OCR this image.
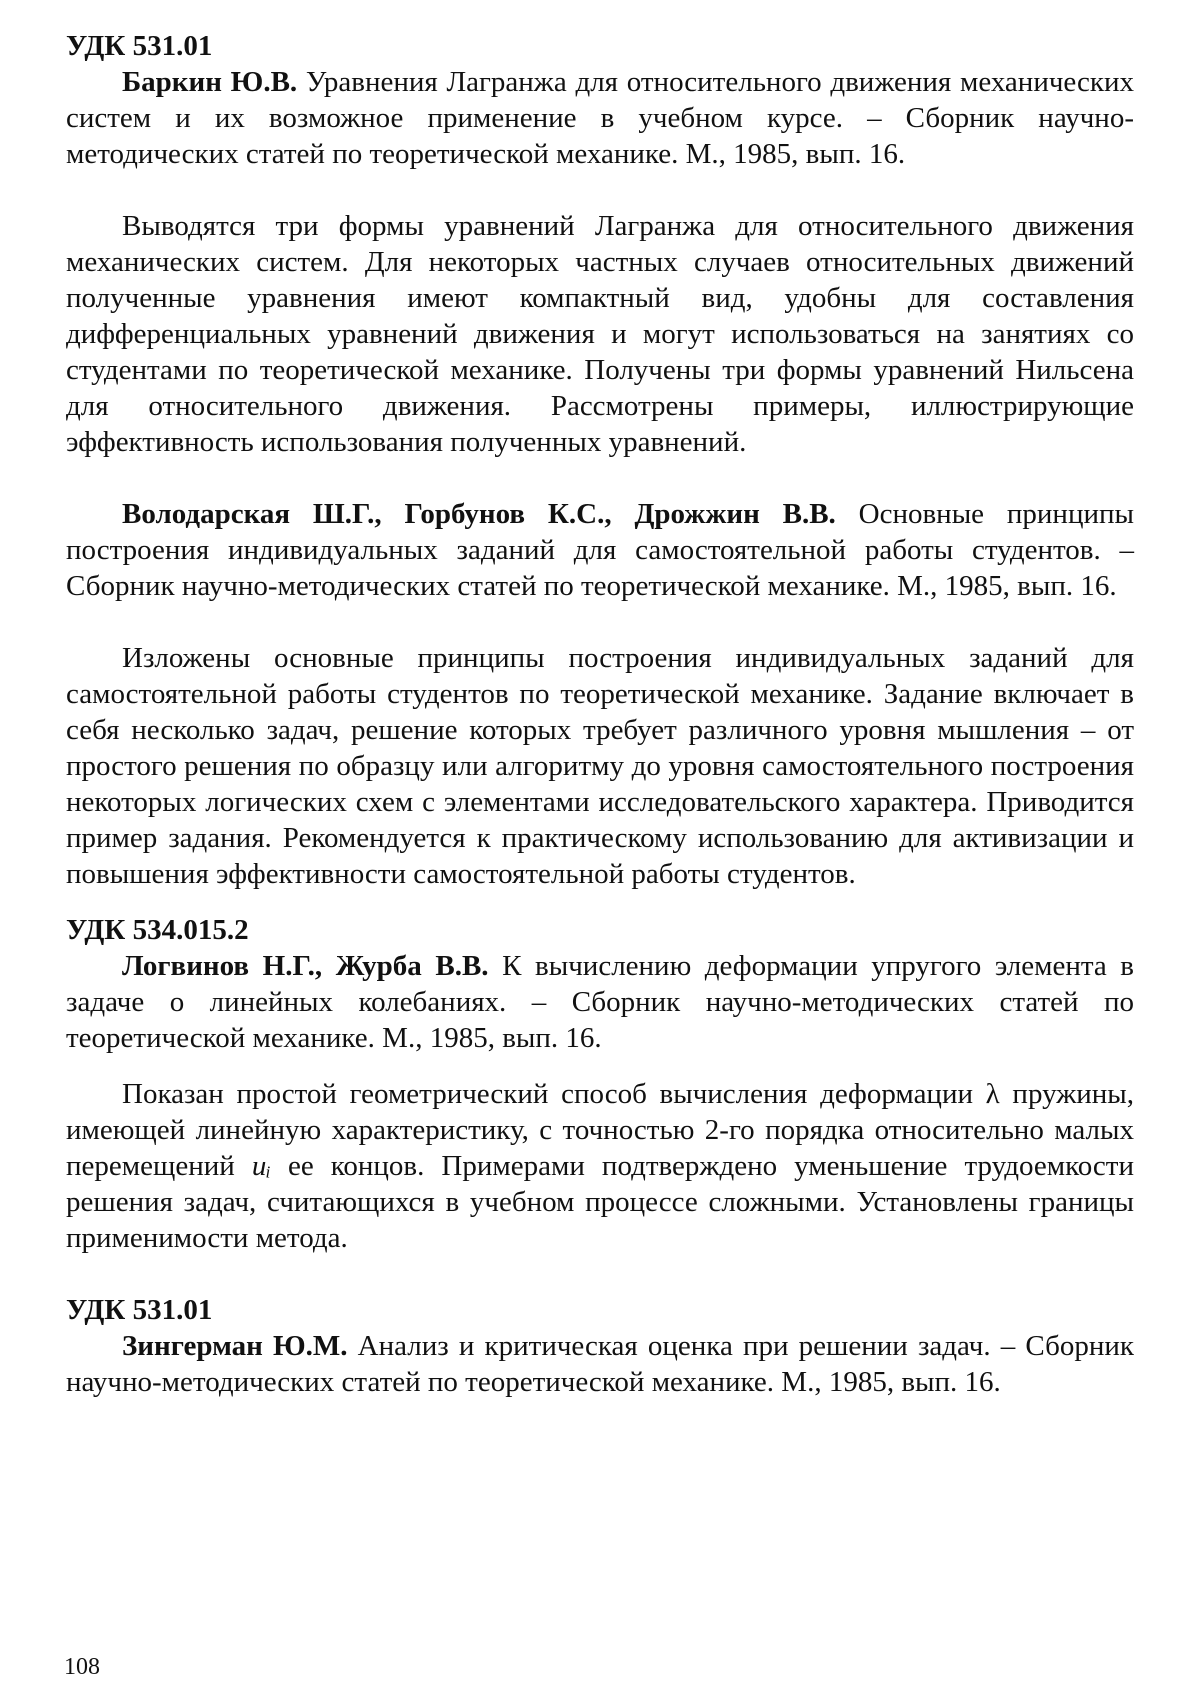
УДК 531.01

Баркин Ю.В. Уравнения Лагранжа для относительного движения механических систем и их возможное применение в учебном курсе. – Сборник научно-методических статей по теоретической механике. М., 1985, вып. 16.

Выводятся три формы уравнений Лагранжа для относительного движения механических систем. Для некоторых частных случаев относительных движений полученные уравнения имеют компактный вид, удобны для составления дифференциальных уравнений движения и могут использоваться на занятиях со студентами по теоретической механике. Получены три формы уравнений Нильсена для относительного движения. Рассмотрены примеры, иллюстрирующие эффективность использования полученных уравнений.

Володарская Ш.Г., Горбунов К.С., Дрожжин В.В. Основные принципы построения индивидуальных заданий для самостоятельной работы студентов. – Сборник научно-методических статей по теоретической механике. М., 1985, вып. 16.

Изложены основные принципы построения индивидуальных заданий для самостоятельной работы студентов по теоретической механике. Задание включает в себя несколько задач, решение которых требует различного уровня мышления – от простого решения по образцу или алгоритму до уровня самостоятельного построения некоторых логических схем с элементами исследовательского характера. Приводится пример задания. Рекомендуется к практическому использованию для активизации и повышения эффективности самостоятельной работы студентов.

УДК 534.015.2

Логвинов Н.Г., Журба В.В. К вычислению деформации упругого элемента в задаче о линейных колебаниях. – Сборник научно-методических статей по теоретической механике. М., 1985, вып. 16.

Показан простой геометрический способ вычисления деформации λ пружины, имеющей линейную характеристику, с точностью 2-го порядка относительно малых перемещений uᵢ ее концов. Примерами подтверждено уменьшение трудоемкости решения задач, считающихся в учебном процессе сложными. Установлены границы применимости метода.

УДК 531.01

Зингерман Ю.М. Анализ и критическая оценка при решении задач. – Сборник научно-методических статей по теоретической механике. М., 1985, вып. 16.

108
